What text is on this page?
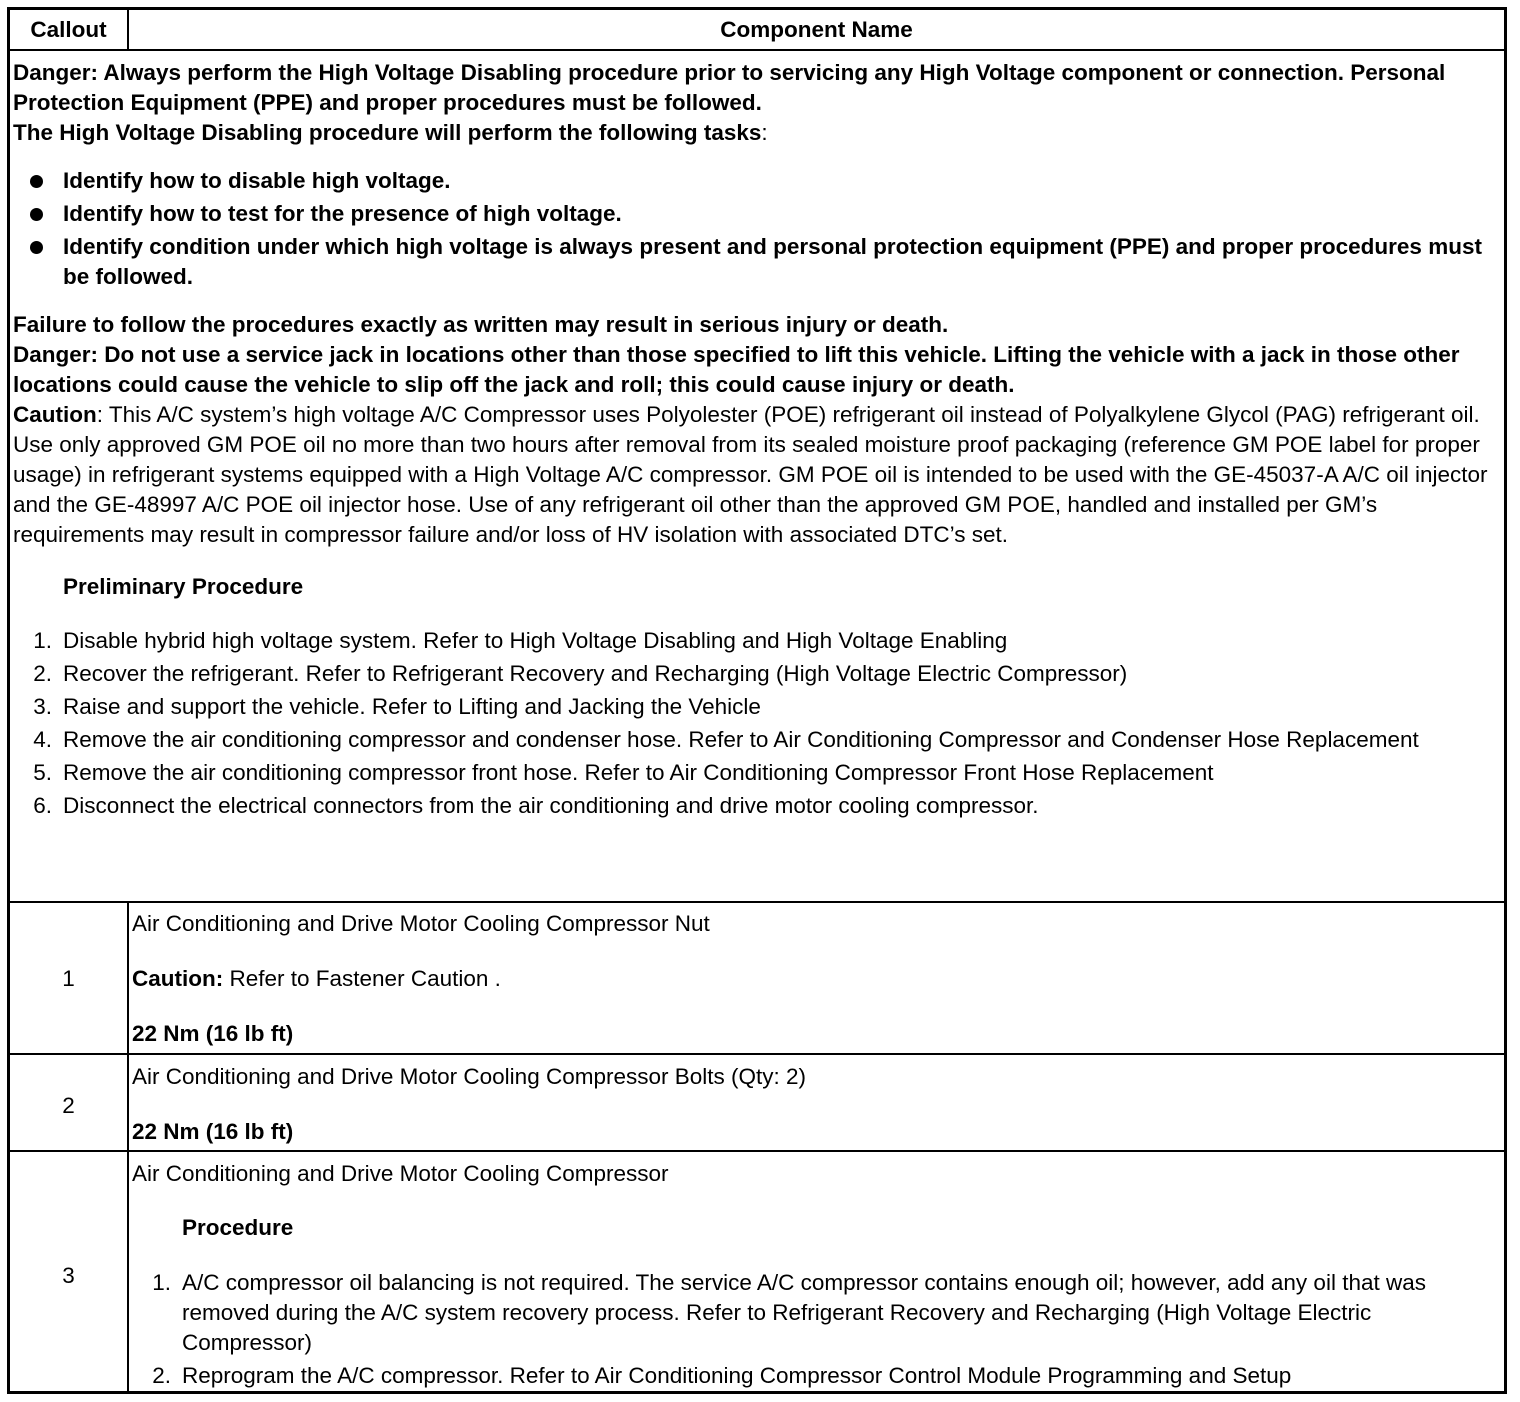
Callout	Component Name

Danger: Always perform the High Voltage Disabling procedure prior to servicing any High Voltage component or connection. Personal Protection Equipment (PPE) and proper procedures must be followed.

The High Voltage Disabling procedure will perform the following tasks:

Identify how to disable high voltage.
Identify how to test for the presence of high voltage.
Identify condition under which high voltage is always present and personal protection equipment (PPE) and proper procedures must be followed.

Failure to follow the procedures exactly as written may result in serious injury or death.

Danger: Do not use a service jack in locations other than those specified to lift this vehicle. Lifting the vehicle with a jack in those other locations could cause the vehicle to slip off the jack and roll; this could cause injury or death.

Caution: This A/C system’s high voltage A/C Compressor uses Polyolester (POE) refrigerant oil instead of Polyalkylene Glycol (PAG) refrigerant oil. Use only approved GM POE oil no more than two hours after removal from its sealed moisture proof packaging (reference GM POE label for proper usage) in refrigerant systems equipped with a High Voltage A/C compressor. GM POE oil is intended to be used with the GE-45037-A A/C oil injector and the GE-48997 A/C POE oil injector hose. Use of any refrigerant oil other than the approved GM POE, handled and installed per GM’s requirements may result in compressor failure and/or loss of HV isolation with associated DTC’s set.

Preliminary Procedure

1. Disable hybrid high voltage system. Refer to High Voltage Disabling and High Voltage Enabling
2. Recover the refrigerant. Refer to Refrigerant Recovery and Recharging (High Voltage Electric Compressor)
3. Raise and support the vehicle. Refer to Lifting and Jacking the Vehicle
4. Remove the air conditioning compressor and condenser hose. Refer to Air Conditioning Compressor and Condenser Hose Replacement
5. Remove the air conditioning compressor front hose. Refer to Air Conditioning Compressor Front Hose Replacement
6. Disconnect the electrical connectors from the air conditioning and drive motor cooling compressor.
1

Air Conditioning and Drive Motor Cooling Compressor Nut

Caution: Refer to Fastener Caution .

22 Nm (16 lb ft)

2

Air Conditioning and Drive Motor Cooling Compressor Bolts (Qty: 2)

22 Nm (16 lb ft)

3

Air Conditioning and Drive Motor Cooling Compressor

Procedure

1. A/C compressor oil balancing is not required. The service A/C compressor contains enough oil; however, add any oil that was removed during the A/C system recovery process. Refer to Refrigerant Recovery and Recharging (High Voltage Electric Compressor)
2. Reprogram the A/C compressor. Refer to Air Conditioning Compressor Control Module Programming and Setup
